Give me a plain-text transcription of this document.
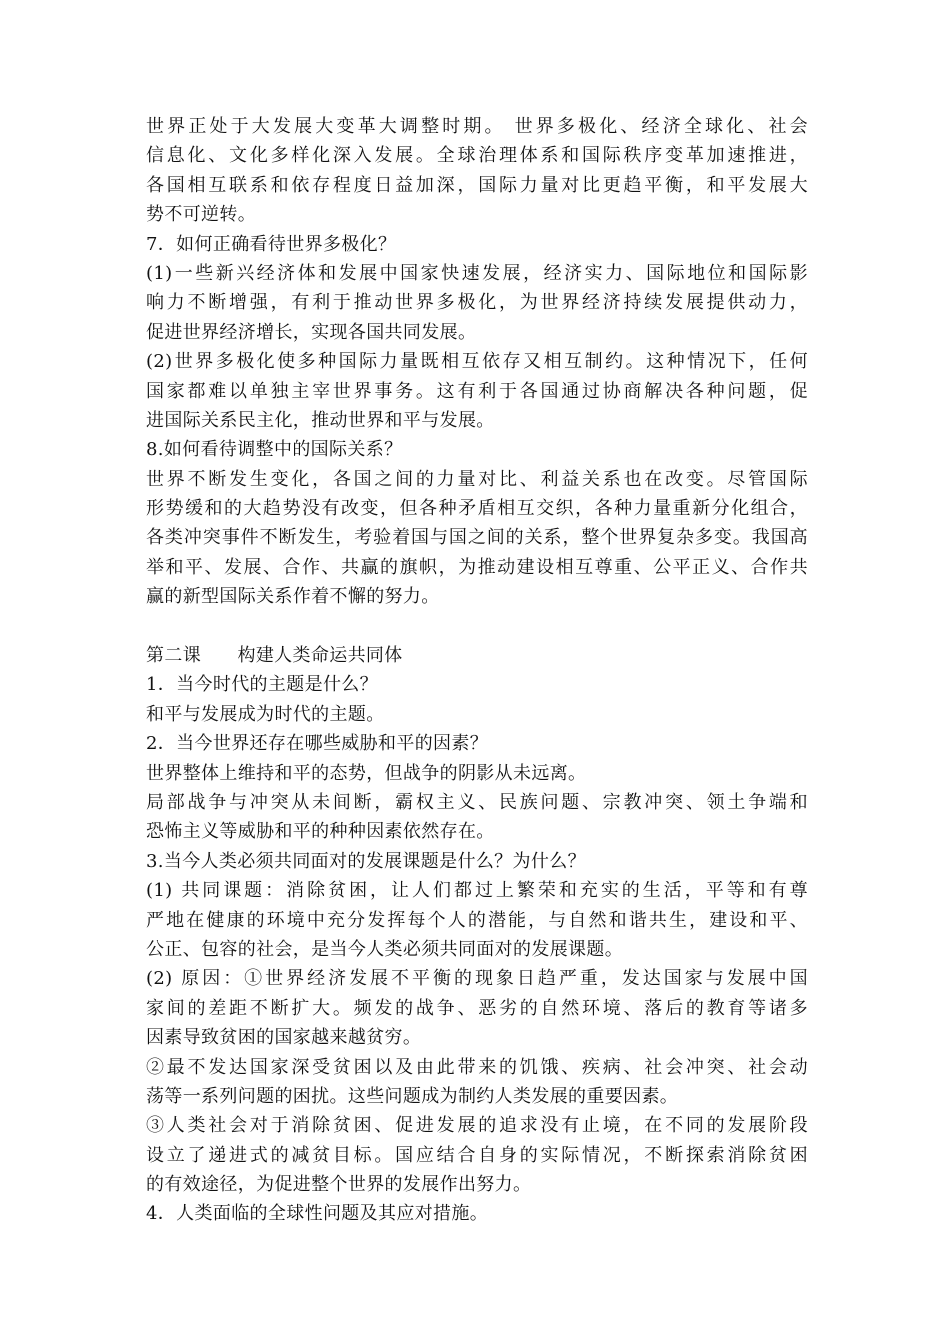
世界正处于大发展大变革大调整时期。 世界多极化、经济全球化、社会
信息化、文化多样化深入发展。全球治理体系和国际秩序变革加速推进，
各国相互联系和依存程度日益加深，国际力量对比更趋平衡，和平发展大
势不可逆转。
7．如何正确看待世界多极化？
(1)一些新兴经济体和发展中国家快速发展，经济实力、国际地位和国际影
响力不断增强，有利于推动世界多极化，为世界经济持续发展提供动力，
促进世界经济增长，实现各国共同发展。
(2)世界多极化使多种国际力量既相互依存又相互制约。这种情况下，任何
国家都难以单独主宰世界事务。这有利于各国通过协商解决各种问题，促
进国际关系民主化，推动世界和平与发展。
8.如何看待调整中的国际关系？
世界不断发生变化，各国之间的力量对比、利益关系也在改变。尽管国际
形势缓和的大趋势没有改变，但各种矛盾相互交织，各种力量重新分化组合，
各类冲突事件不断发生，考验着国与国之间的关系，整个世界复杂多变。我国高
举和平、发展、合作、共赢的旗帜，为推动建设相互尊重、公平正义、合作共
赢的新型国际关系作着不懈的努力。
第二课      构建人类命运共同体
1．当今时代的主题是什么？
和平与发展成为时代的主题。
2．当今世界还存在哪些威胁和平的因素？
世界整体上维持和平的态势，但战争的阴影从未远离。
局部战争与冲突从未间断，霸权主义、民族问题、宗教冲突、领土争端和
恐怖主义等威胁和平的种种因素依然存在。
3.当今人类必须共同面对的发展课题是什么？为什么？
(1) 共同课题：消除贫困，让人们都过上繁荣和充实的生活，平等和有尊
严地在健康的环境中充分发挥每个人的潜能，与自然和谐共生，建设和平、
公正、包容的社会，是当今人类必须共同面对的发展课题。
(2) 原因：①世界经济发展不平衡的现象日趋严重，发达国家与发展中国
家间的差距不断扩大。频发的战争、恶劣的自然环境、落后的教育等诸多
因素导致贫困的国家越来越贫穷。
②最不发达国家深受贫困以及由此带来的饥饿、疾病、社会冲突、社会动
荡等一系列问题的困扰。这些问题成为制约人类发展的重要因素。
③人类社会对于消除贫困、促进发展的追求没有止境，在不同的发展阶段
设立了递进式的减贫目标。国应结合自身的实际情况，不断探索消除贫困
的有效途径，为促进整个世界的发展作出努力。
4．人类面临的全球性问题及其应对措施。
